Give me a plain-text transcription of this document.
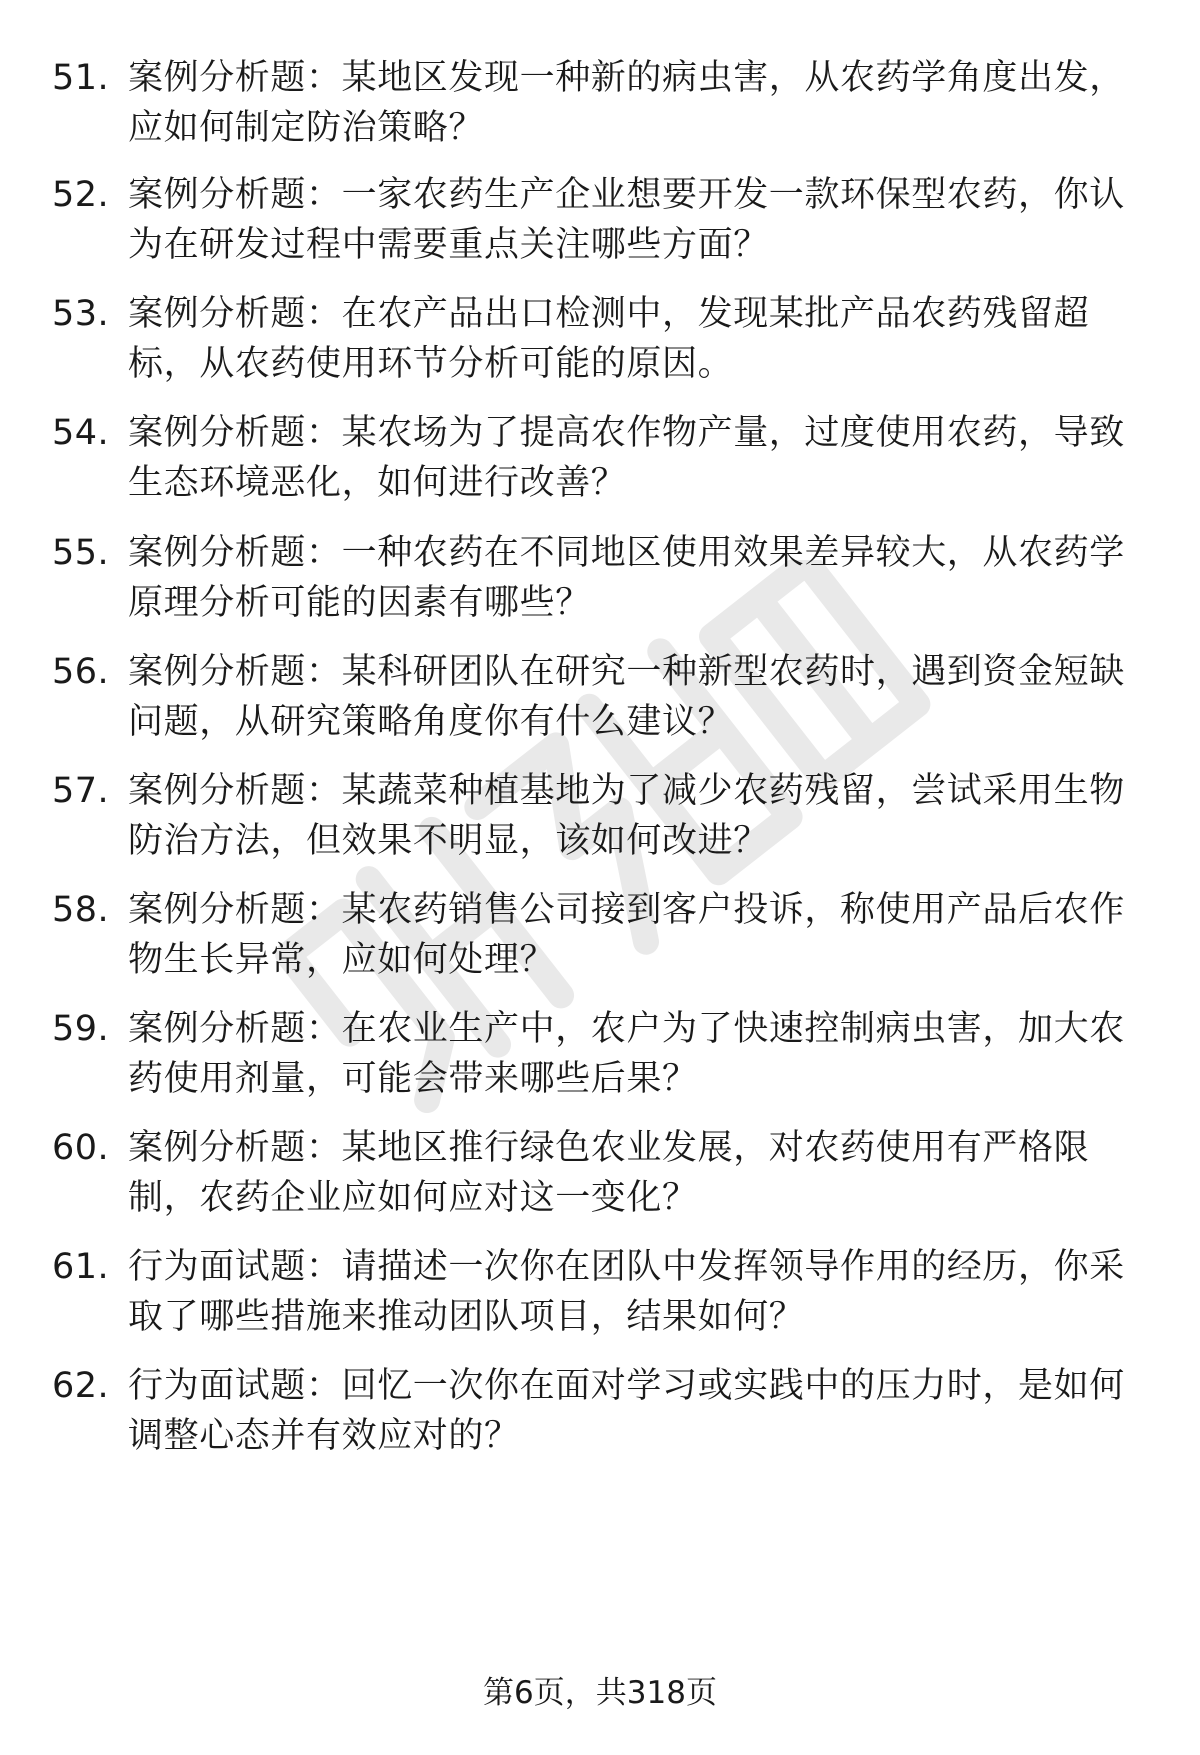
51. 案例分析题：某地区发现一种新的病虫害，从农药学角度出发，
应如何制定防治策略？
52. 案例分析题：一家农药生产企业想要开发一款环保型农药，你认
为在研发过程中需要重点关注哪些方面？
53. 案例分析题：在农产品出口检测中，发现某批产品农药残留超
标，从农药使用环节分析可能的原因。
54. 案例分析题：某农场为了提高农作物产量，过度使用农药，导致
生态环境恶化，如何进行改善？
55. 案例分析题：一种农药在不同地区使用效果差异较大，从农药学
原理分析可能的因素有哪些？
56. 案例分析题：某科研团队在研究一种新型农药时，遇到资金短缺
问题，从研究策略角度你有什么建议？
57. 案例分析题：某蔬菜种植基地为了减少农药残留，尝试采用生物
防治方法，但效果不明显，该如何改进？
58. 案例分析题：某农药销售公司接到客户投诉，称使用产品后农作
物生长异常，应如何处理？
59. 案例分析题：在农业生产中，农户为了快速控制病虫害，加大农
药使用剂量，可能会带来哪些后果？
60. 案例分析题：某地区推行绿色农业发展，对农药使用有严格限
制，农药企业应如何应对这一变化？
61. 行为面试题：请描述一次你在团队中发挥领导作用的经历，你采
取了哪些措施来推动团队项目，结果如何？
62. 行为面试题：回忆一次你在面对学习或实践中的压力时，是如何
调整心态并有效应对的？
第6页，共318页
